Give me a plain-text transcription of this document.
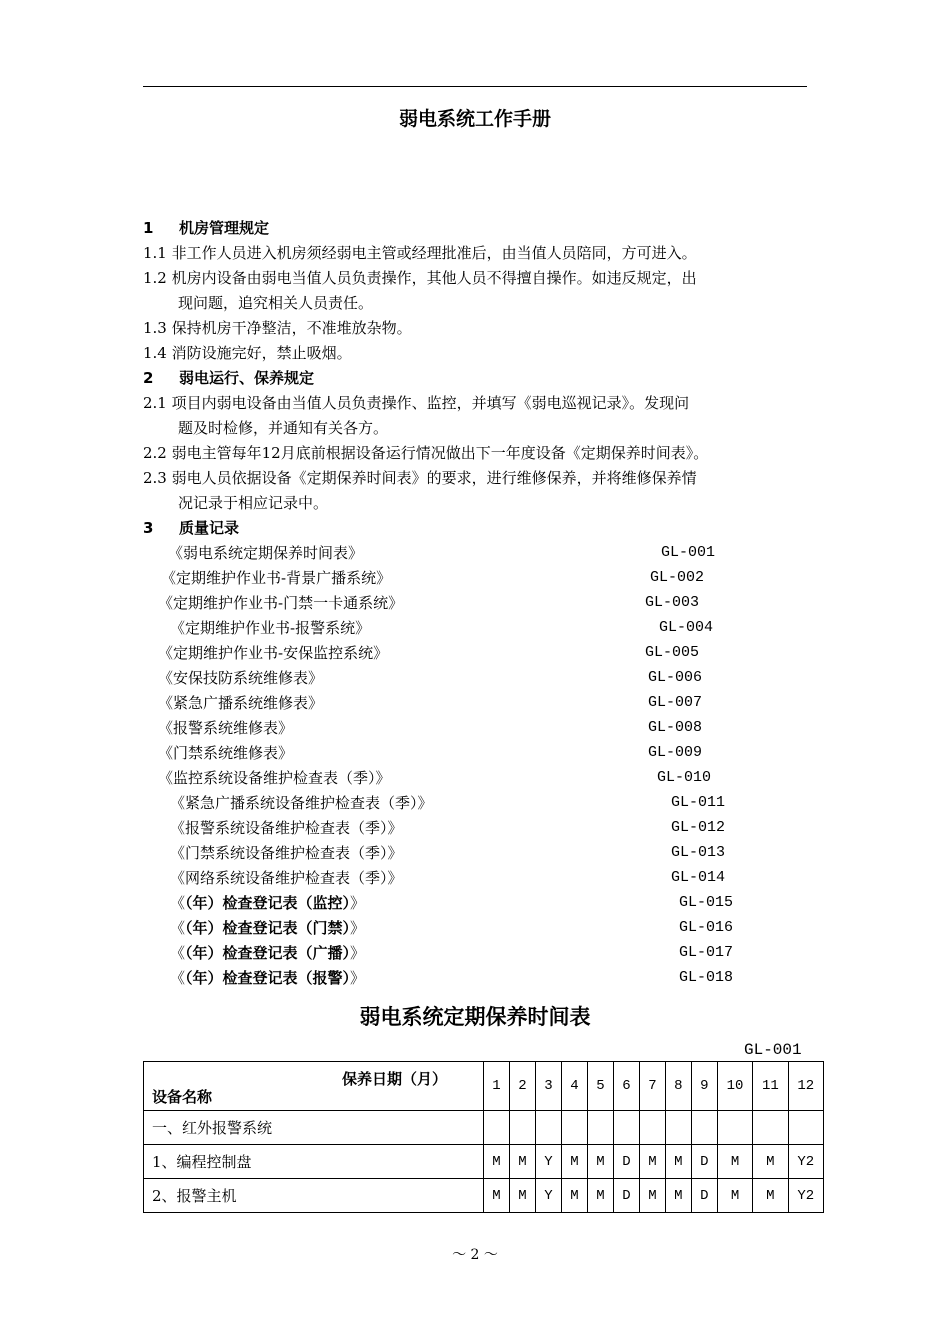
弱电系统工作手册
1 机房管理规定
1.1 非工作人员进入机房须经弱电主管或经理批准后，由当值人员陪同，方可进入。
1.2 机房内设备由弱电当值人员负责操作，其他人员不得擅自操作。如违反规定，出
现问题，追究相关人员责任。
1.3 保持机房干净整洁，不准堆放杂物。
1.4 消防设施完好，禁止吸烟。
2 弱电运行、保养规定
2.1 项目内弱电设备由当值人员负责操作、监控，并填写《弱电巡视记录》。发现问
题及时检修，并通知有关各方。
2.2 弱电主管每年12月底前根据设备运行情况做出下一年度设备《定期保养时间表》。
2.3 弱电人员依据设备《定期保养时间表》的要求，进行维修保养，并将维修保养情
况记录于相应记录中。
3 质量记录
《弱电系统定期保养时间表》	GL-001
《定期维护作业书-背景广播系统》	GL-002
《定期维护作业书-门禁一卡通系统》	GL-003
《定期维护作业书-报警系统》	GL-004
《定期维护作业书-安保监控系统》	GL-005
《安保技防系统维修表》	GL-006
《紧急广播系统维修表》	GL-007
《报警系统维修表》	GL-008
《门禁系统维修表》	GL-009
《监控系统设备维护检查表（季）》	GL-010
《紧急广播系统设备维护检查表（季）》	GL-011
《报警系统设备维护检查表（季）》	GL-012
《门禁系统设备维护检查表（季）》	GL-013
《网络系统设备维护检查表（季）》	GL-014
《（年）检查登记表（监控）》	GL-015
《（年）检查登记表（门禁）》	GL-016
《（年）检查登记表（广播）》	GL-017
《（年）检查登记表（报警）》	GL-018
弱电系统定期保养时间表
GL-001
保养日期（月）
设备名称	1	2	3	4	5	6	7	8	9	10	11	12
一、红外报警系统												
1、编程控制盘	M	M	Y	M	M	D	M	M	D	M	M	Y2
2、报警主机	M	M	Y	M	M	D	M	M	D	M	M	Y2
～ 2 ～
